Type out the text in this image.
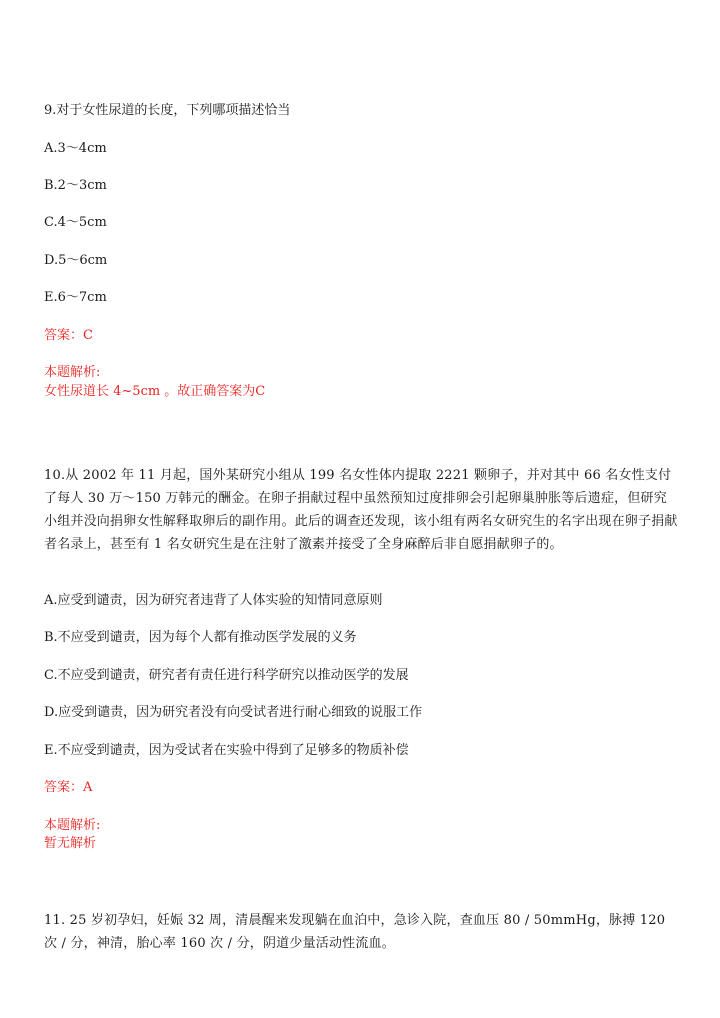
9.对于女性尿道的长度，下列哪项描述恰当
A.3～4cm
B.2～3cm
C.4～5cm
D.5～6cm
E.6～7cm
答案：C
本题解析:
女性尿道长 4~5cm 。故正确答案为C
10.从 2002 年 11 月起，国外某研究小组从 199 名女性体内提取 2221 颗卵子，并对其中 66 名女性支付了每人 30 万～150 万韩元的酬金。在卵子捐献过程中虽然预知过度排卵会引起卵巢肿胀等后遗症，但研究小组并没向捐卵女性解释取卵后的副作用。此后的调查还发现，该小组有两名女研究生的名字出现在卵子捐献者名录上，甚至有 1 名女研究生是在注射了激素并接受了全身麻醉后非自愿捐献卵子的。
A.应受到谴责，因为研究者违背了人体实验的知情同意原则
B.不应受到谴责，因为每个人都有推动医学发展的义务
C.不应受到谴责，研究者有责任进行科学研究以推动医学的发展
D.应受到谴责，因为研究者没有向受试者进行耐心细致的说服工作
E.不应受到谴责，因为受试者在实验中得到了足够多的物质补偿
答案：A
本题解析:
暂无解析
11. 25 岁初孕妇，妊娠 32 周，清晨醒来发现躺在血泊中，急诊入院，查血压 80 / 50mmHg，脉搏 120 次 / 分，神清，胎心率 160 次 / 分，阴道少量活动性流血。
